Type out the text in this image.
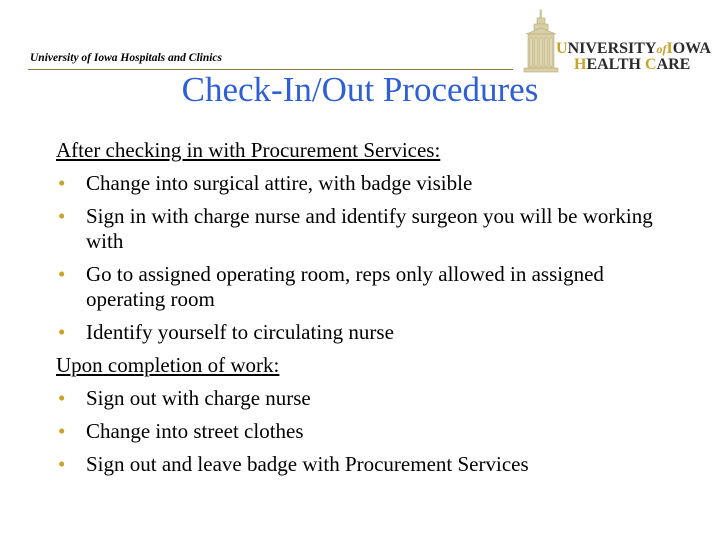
University of Iowa Hospitals and Clinics
UNIVERSITYofIOWA
HEALTH CARE
Check-In/Out Procedures
After checking in with Procurement Services:
• Change into surgical attire, with badge visible
• Sign in with charge nurse and identify surgeon you will be working with
• Go to assigned operating room, reps only allowed in assigned operating room
• Identify yourself to circulating nurse
Upon completion of work:
• Sign out with charge nurse
• Change into street clothes
• Sign out and leave badge with Procurement Services
